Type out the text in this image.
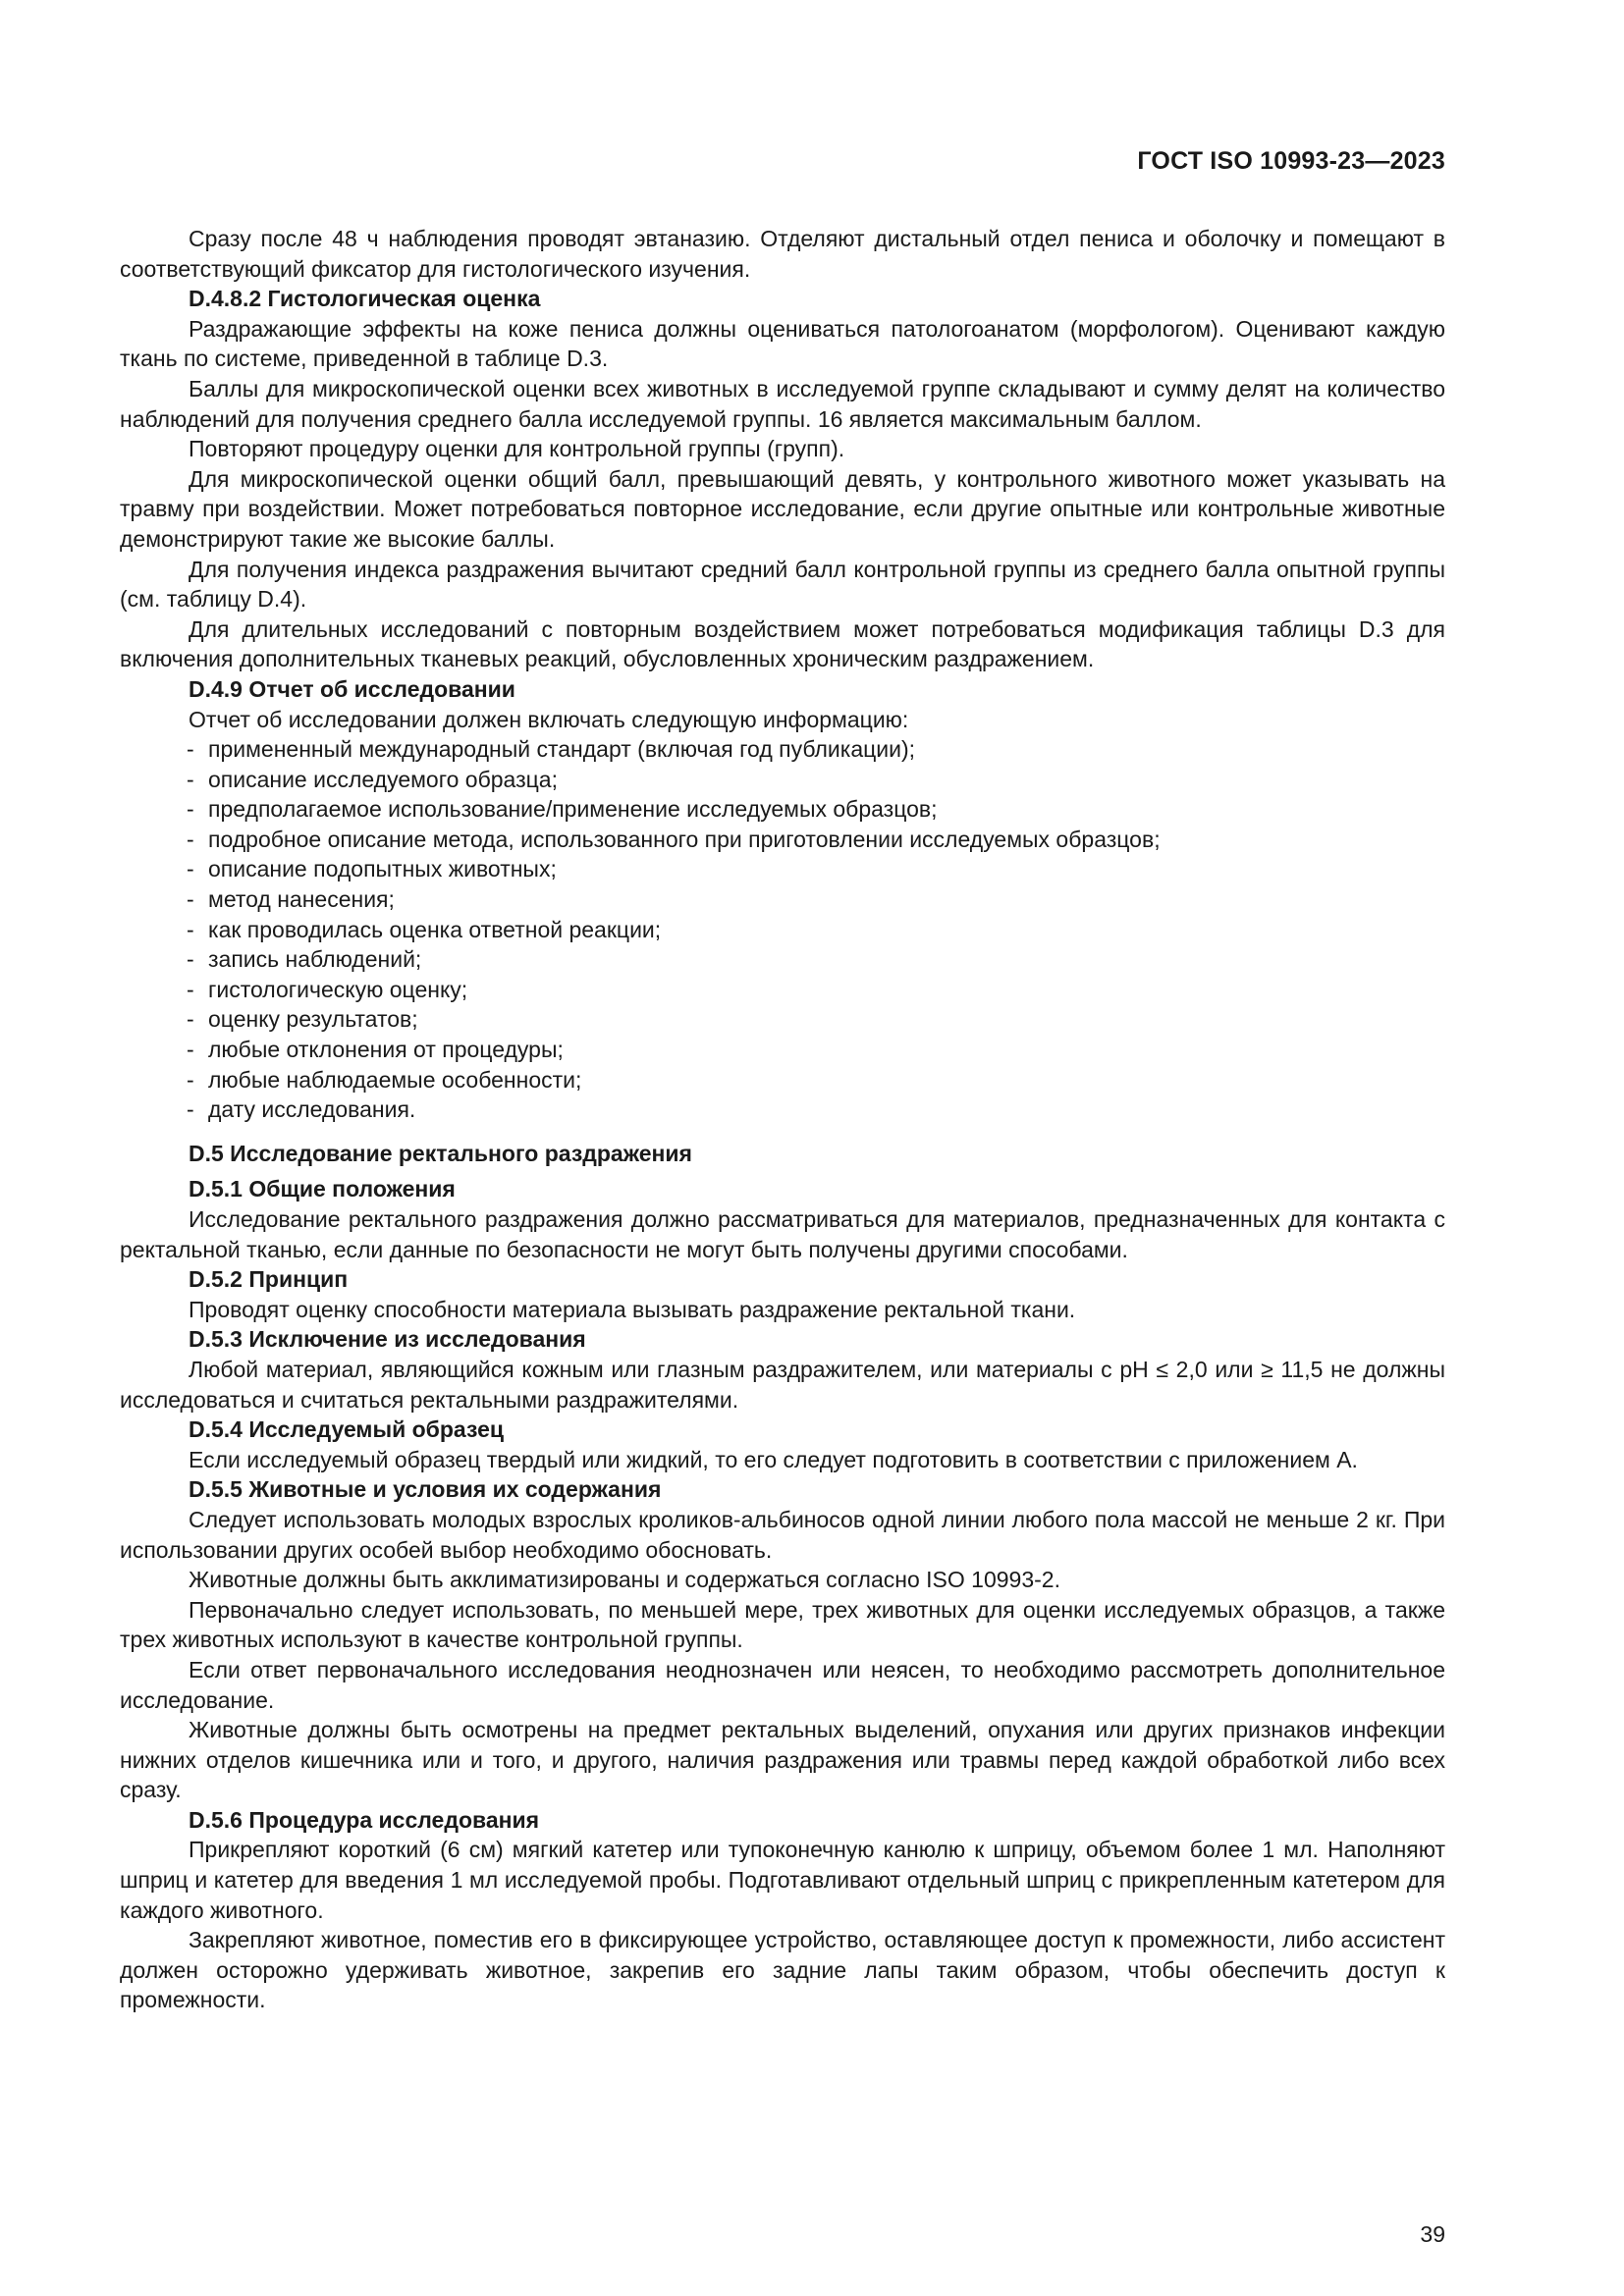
ГОСТ ISO 10993-23—2023

Сразу после 48 ч наблюдения проводят эвтаназию. Отделяют дистальный отдел пениса и оболочку и помещают в соответствующий фиксатор для гистологического изучения.

D.4.8.2 Гистологическая оценка

Раздражающие эффекты на коже пениса должны оцениваться патологоанатом (морфологом). Оценивают каждую ткань по системе, приведенной в таблице D.3.

Баллы для микроскопической оценки всех животных в исследуемой группе складывают и сумму делят на количество наблюдений для получения среднего балла исследуемой группы. 16 является максимальным баллом.

Повторяют процедуру оценки для контрольной группы (групп).

Для микроскопической оценки общий балл, превышающий девять, у контрольного животного может указывать на травму при воздействии. Может потребоваться повторное исследование, если другие опытные или контрольные животные демонстрируют такие же высокие баллы.

Для получения индекса раздражения вычитают средний балл контрольной группы из среднего балла опытной группы (см. таблицу D.4).

Для длительных исследований с повторным воздействием может потребоваться модификация таблицы D.3 для включения дополнительных тканевых реакций, обусловленных хроническим раздражением.

D.4.9 Отчет об исследовании
Отчет об исследовании должен включать следующую информацию:
- примененный международный стандарт (включая год публикации);
- описание исследуемого образца;
- предполагаемое использование/применение исследуемых образцов;
- подробное описание метода, использованного при приготовлении исследуемых образцов;
- описание подопытных животных;
- метод нанесения;
- как проводилась оценка ответной реакции;
- запись наблюдений;
- гистологическую оценку;
- оценку результатов;
- любые отклонения от процедуры;
- любые наблюдаемые особенности;
- дату исследования.
D.5 Исследование ректального раздражения
D.5.1 Общие положения

Исследование ректального раздражения должно рассматриваться для материалов, предназначенных для контакта с ректальной тканью, если данные по безопасности не могут быть получены другими способами.

D.5.2 Принцип

Проводят оценку способности материала вызывать раздражение ректальной ткани.

D.5.3 Исключение из исследования

Любой материал, являющийся кожным или глазным раздражителем, или материалы с pH ≤ 2,0 или ≥ 11,5 не должны исследоваться и считаться ректальными раздражителями.

D.5.4 Исследуемый образец

Если исследуемый образец твердый или жидкий, то его следует подготовить в соответствии с приложением A.

D.5.5 Животные и условия их содержания

Следует использовать молодых взрослых кроликов-альбиносов одной линии любого пола массой не меньше 2 кг. При использовании других особей выбор необходимо обосновать.

Животные должны быть акклиматизированы и содержаться согласно ISO 10993-2.

Первоначально следует использовать, по меньшей мере, трех животных для оценки исследуемых образцов, а также трех животных используют в качестве контрольной группы.

Если ответ первоначального исследования неоднозначен или неясен, то необходимо рассмотреть дополнительное исследование.

Животные должны быть осмотрены на предмет ректальных выделений, опухания или других признаков инфекции нижних отделов кишечника или и того, и другого, наличия раздражения или травмы перед каждой обработкой либо всех сразу.

D.5.6 Процедура исследования

Прикрепляют короткий (6 см) мягкий катетер или тупоконечную канюлю к шприцу, объемом более 1 мл. Наполняют шприц и катетер для введения 1 мл исследуемой пробы. Подготавливают отдельный шприц с прикрепленным катетером для каждого животного.

Закрепляют животное, поместив его в фиксирующее устройство, оставляющее доступ к промежности, либо ассистент должен осторожно удерживать животное, закрепив его задние лапы таким образом, чтобы обеспечить доступ к промежности.

39
